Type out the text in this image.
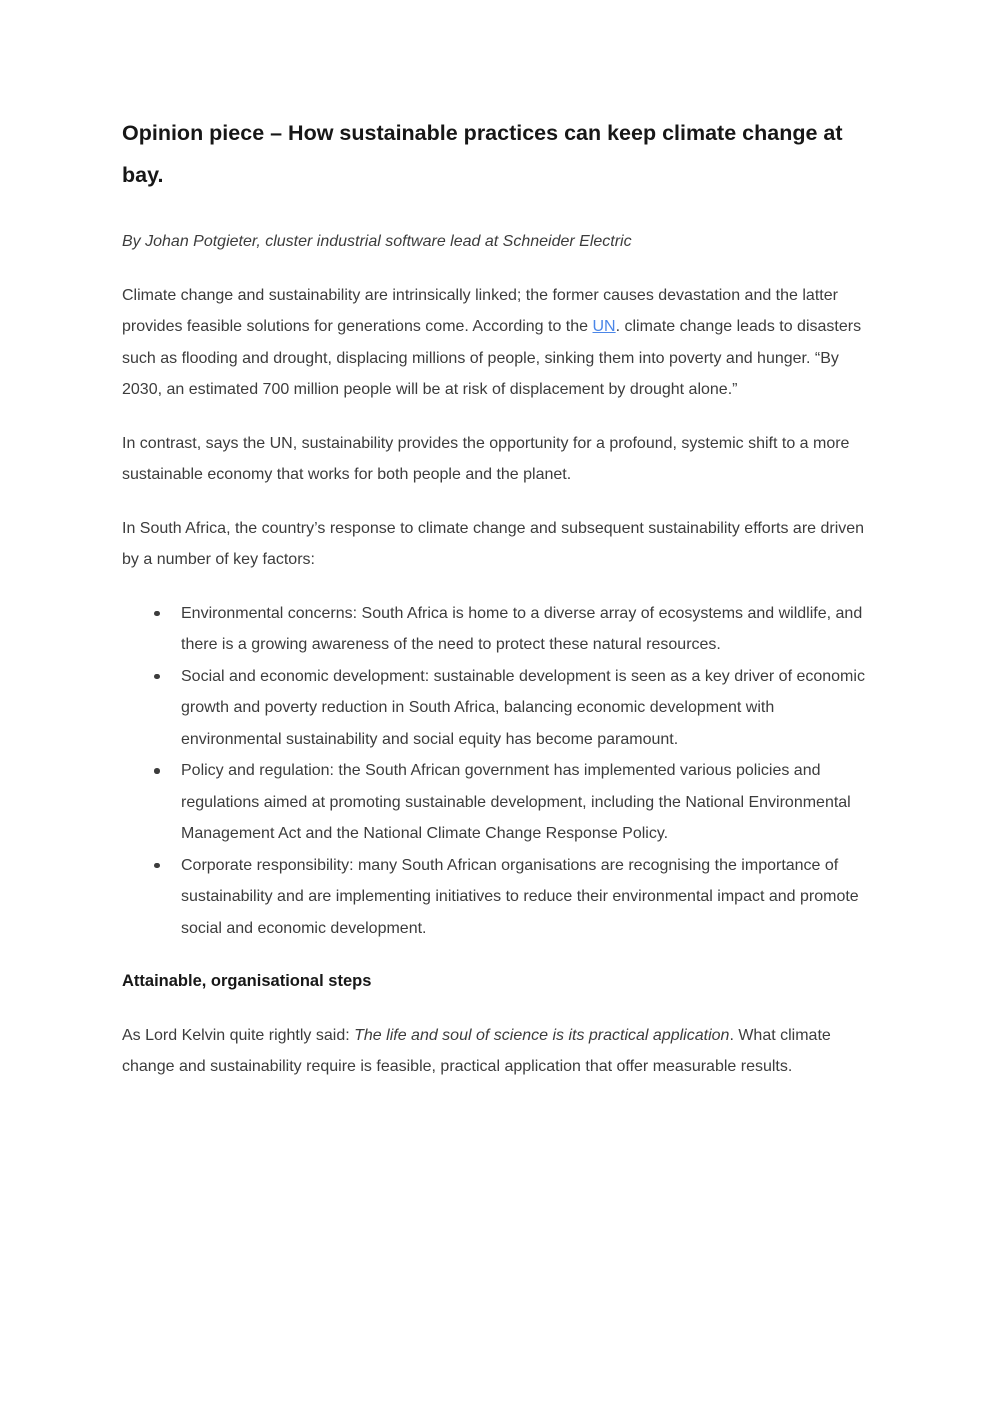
Opinion piece – How sustainable practices can keep climate change at bay.

By Johan Potgieter, cluster industrial software lead at Schneider Electric

Climate change and sustainability are intrinsically linked; the former causes devastation and the latter provides feasible solutions for generations come. According to the UN. climate change leads to disasters such as flooding and drought, displacing millions of people, sinking them into poverty and hunger. “By 2030, an estimated 700 million people will be at risk of displacement by drought alone.”

In contrast, says the UN, sustainability provides the opportunity for a profound, systemic shift to a more sustainable economy that works for both people and the planet.

In South Africa, the country’s response to climate change and subsequent sustainability efforts are driven by a number of key factors:

Environmental concerns: South Africa is home to a diverse array of ecosystems and wildlife, and there is a growing awareness of the need to protect these natural resources.
Social and economic development: sustainable development is seen as a key driver of economic growth and poverty reduction in South Africa, balancing economic development with environmental sustainability and social equity has become paramount.
Policy and regulation: the South African government has implemented various policies and regulations aimed at promoting sustainable development, including the National Environmental Management Act and the National Climate Change Response Policy.
Corporate responsibility: many South African organisations are recognising the importance of sustainability and are implementing initiatives to reduce their environmental impact and promote social and economic development.
Attainable, organisational steps

As Lord Kelvin quite rightly said: The life and soul of science is its practical application. What climate change and sustainability require is feasible, practical application that offer measurable results.
